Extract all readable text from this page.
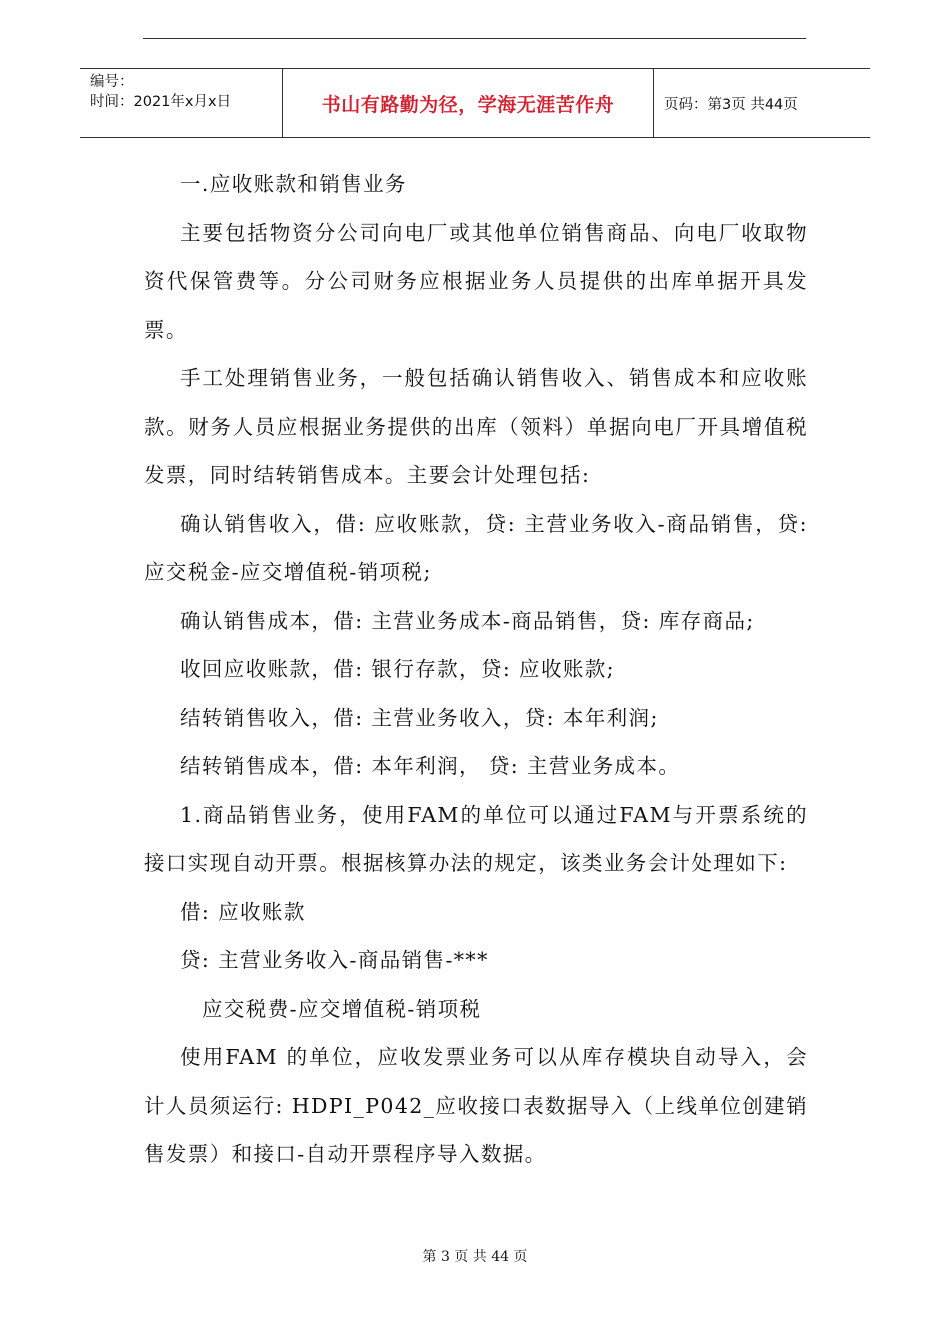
编号：
时间：2021年x月x日	书山有路勤为径，学海无涯苦作舟	页码：第3页 共44页

一.应收账款和销售业务

主要包括物资分公司向电厂或其他单位销售商品、向电厂收取物资代保管费等。分公司财务应根据业务人员提供的出库单据开具发票。

手工处理销售业务，一般包括确认销售收入、销售成本和应收账款。财务人员应根据业务提供的出库（领料）单据向电厂开具增值税发票，同时结转销售成本。主要会计处理包括:

确认销售收入，借: 应收账款，贷: 主营业务收入-商品销售，贷: 应交税金-应交增值税-销项税;

确认销售成本，借: 主营业务成本-商品销售，贷: 库存商品;

收回应收账款，借: 银行存款，贷: 应收账款;

结转销售收入，借: 主营业务收入，贷: 本年利润;

结转销售成本，借: 本年利润， 贷: 主营业务成本。

1.商品销售业务，使用FAM的单位可以通过FAM与开票系统的接口实现自动开票。根据核算办法的规定，该类业务会计处理如下:

借: 应收账款

贷: 主营业务收入-商品销售-***

应交税费-应交增值税-销项税

使用FAM 的单位，应收发票业务可以从库存模块自动导入，会计人员须运行: HDPI_P042_应收接口表数据导入（上线单位创建销售发票）和接口-自动开票程序导入数据。

第 3 页 共 44 页
